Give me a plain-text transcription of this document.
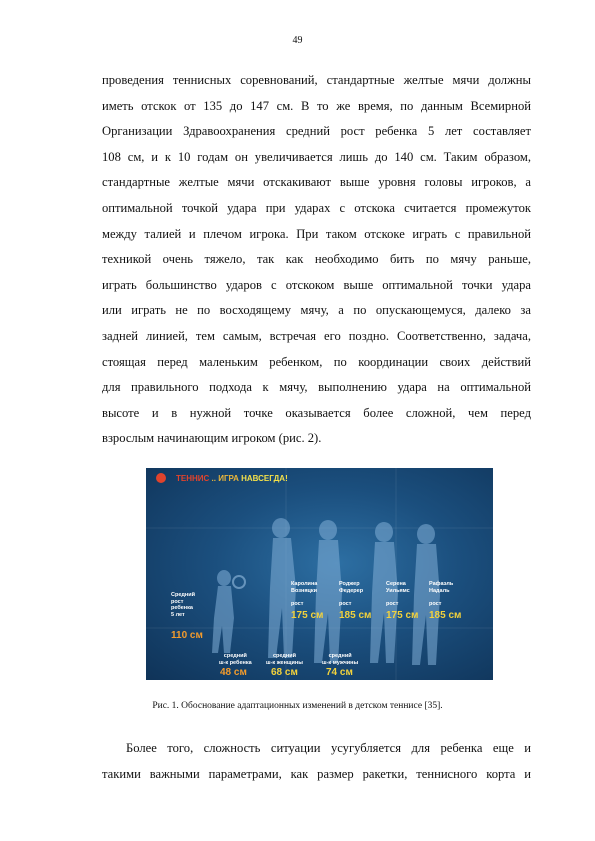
49
проведения теннисных соревнований, стандартные желтые мячи должны
иметь отскок от 135 до 147 см. В то же время, по данным Всемирной
Организации Здравоохранения средний рост ребенка 5 лет составляет
108 см, и к 10 годам он увеличивается лишь до 140 см. Таким образом,
стандартные желтые мячи отскакивают выше уровня головы игроков, а
оптимальной точкой удара при ударах с отскока считается промежуток
между талией и плечом игрока. При таком отскоке играть с правильной
техникой очень тяжело, так как необходимо бить по мячу раньше,
играть большинство ударов с отскоком выше оптимальной точки удара
или играть не по восходящему мячу, а по опускающемуся, далеко за
задней линией, тем самым, встречая его поздно. Соответственно, задача,
стоящая перед маленьким ребенком, по координации своих действий
для правильного подхода к мячу, выполнению удара на оптимальной
высоте и в нужной точке оказывается более сложной, чем перед
взрослым начинающим игроком (рис. 2).
ТЕННИС .. ИГРА НАВСЕГДА!
Средний
рост
ребенка
5 лет
110 см
Каролина
Возняцки
рост
175 см
Роджер
Федерер
рост
185 см
Серена
Уильямс
рост
175 см
Рафаэль
Надаль
рост
185 см
средний
ш-к ребенка
48 см
средний
ш-к женщины
68 см
средний
ш-к мужчины
74 см
Рис. 1. Обоснование адаптационных изменений в детском теннисе [35].
Более того, сложность ситуации усугубляется для ребенка еще и
такими важными параметрами, как размер ракетки, теннисного корта и
